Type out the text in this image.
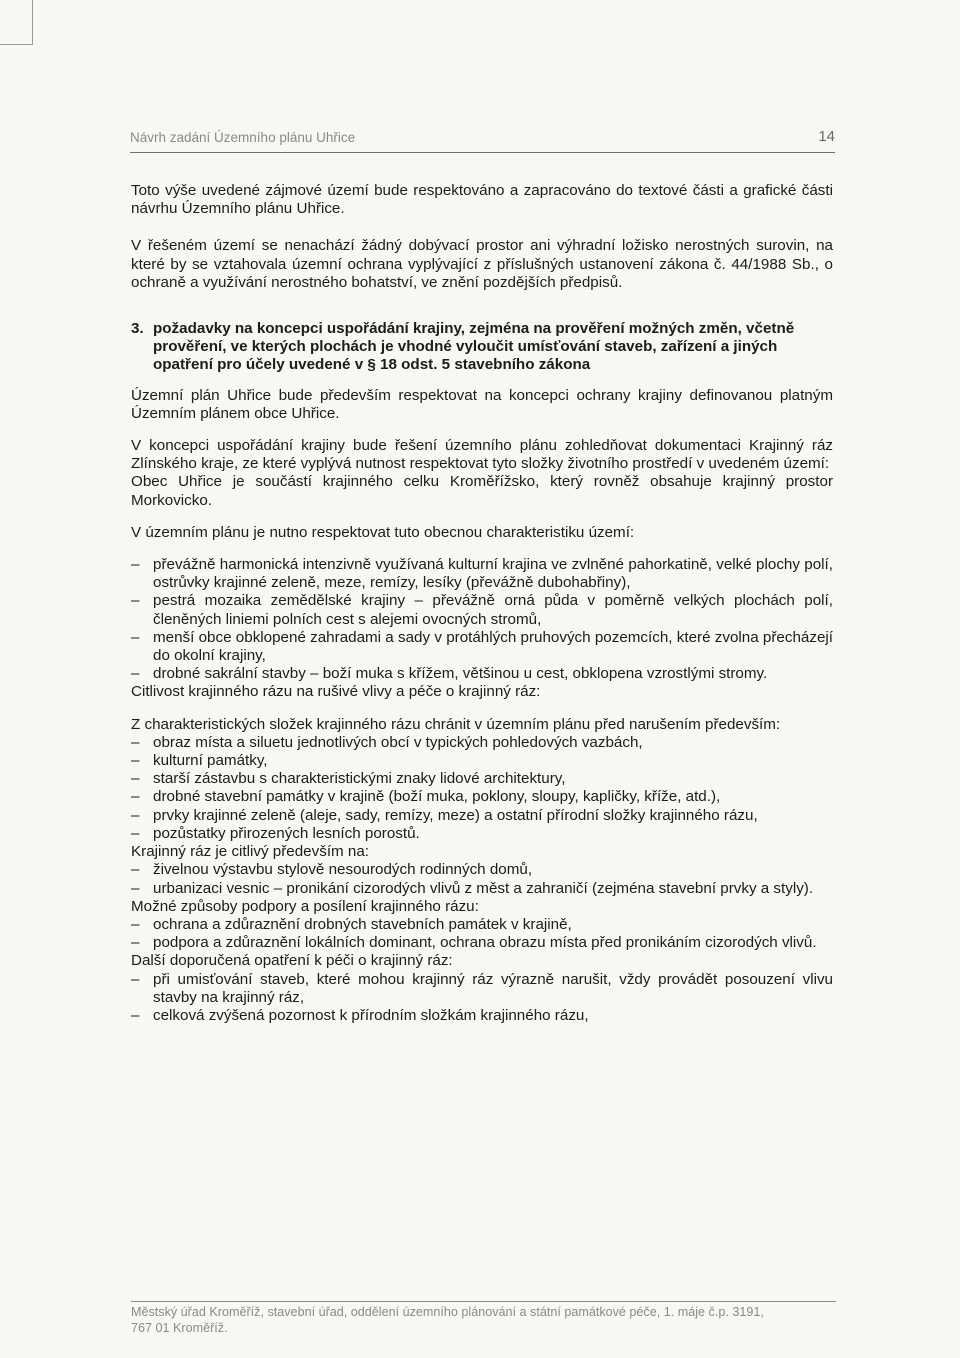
Návrh zadání Územního plánu Uhřice	14

Toto výše uvedené zájmové území bude respektováno a zapracováno do textové části a grafické části návrhu Územního plánu Uhřice.

V řešeném území se nenachází žádný dobývací prostor ani výhradní ložisko nerostných surovin, na které by se vztahovala územní ochrana vyplývající z příslušných ustanovení zákona č. 44/1988 Sb., o ochraně a využívání nerostného bohatství, ve znění pozdějších předpisů.

3. požadavky na koncepci uspořádání krajiny, zejména na prověření možných změn, včetně prověření, ve kterých plochách je vhodné vyloučit umísťování staveb, zařízení a jiných opatření pro účely uvedené v § 18 odst. 5 stavebního zákona

Územní plán Uhřice bude především respektovat na koncepci ochrany krajiny definovanou platným Územním plánem obce Uhřice.

V koncepci uspořádání krajiny bude řešení územního plánu zohledňovat dokumentaci Krajinný ráz Zlínského kraje, ze které vyplývá nutnost respektovat tyto složky životního prostředí v uvedeném území:

Obec Uhřice je součástí krajinného celku Kroměřížsko, který rovněž obsahuje krajinný prostor Morkovicko.

V územním plánu je nutno respektovat tuto obecnou charakteristiku území:

– převážně harmonická intenzivně využívaná kulturní krajina ve zvlněné pahorkatině, velké plochy polí, ostrůvky krajinné zeleně, meze, remízy, lesíky (převážně dubohabřiny),
– pestrá mozaika zemědělské krajiny – převážně orná půda v poměrně velkých plochách polí, členěných liniemi polních cest s alejemi ovocných stromů,
– menší obce obklopené zahradami a sady v protáhlých pruhových pozemcích, které zvolna přecházejí do okolní krajiny,
– drobné sakrální stavby – boží muka s křížem, většinou u cest, obklopena vzrostlými stromy.

Citlivost krajinného rázu na rušivé vlivy a péče o krajinný ráz:

Z charakteristických složek krajinného rázu chránit v územním plánu před narušením především:

– obraz místa a siluetu jednotlivých obcí v typických pohledových vazbách,
– kulturní památky,
– starší zástavbu s charakteristickými znaky lidové architektury,
– drobné stavební památky v krajině (boží muka, poklony, sloupy, kapličky, kříže, atd.),
– prvky krajinné zeleně (aleje, sady, remízy, meze) a ostatní přírodní složky krajinného rázu,
– pozůstatky přirozených lesních porostů.

Krajinný ráz je citlivý především na:

– živelnou výstavbu stylově nesourodých rodinných domů,
– urbanizaci vesnic – pronikání cizorodých vlivů z měst a zahraničí (zejména stavební prvky a styly).

Možné způsoby podpory a posílení krajinného rázu:

– ochrana a zdůraznění drobných stavebních památek v krajině,
– podpora a zdůraznění lokálních dominant, ochrana obrazu místa před pronikáním cizorodých vlivů.

Další doporučená opatření k péči o krajinný ráz:

– při umisťování staveb, které mohou krajinný ráz výrazně narušit, vždy provádět posouzení vlivu stavby na krajinný ráz,
– celková zvýšená pozornost k přírodním složkám krajinného rázu,
Městský úřad Kroměříž, stavební úřad, oddělení územního plánování a státní památkové péče, 1. máje č.p. 3191,
767 01 Kroměříž.
